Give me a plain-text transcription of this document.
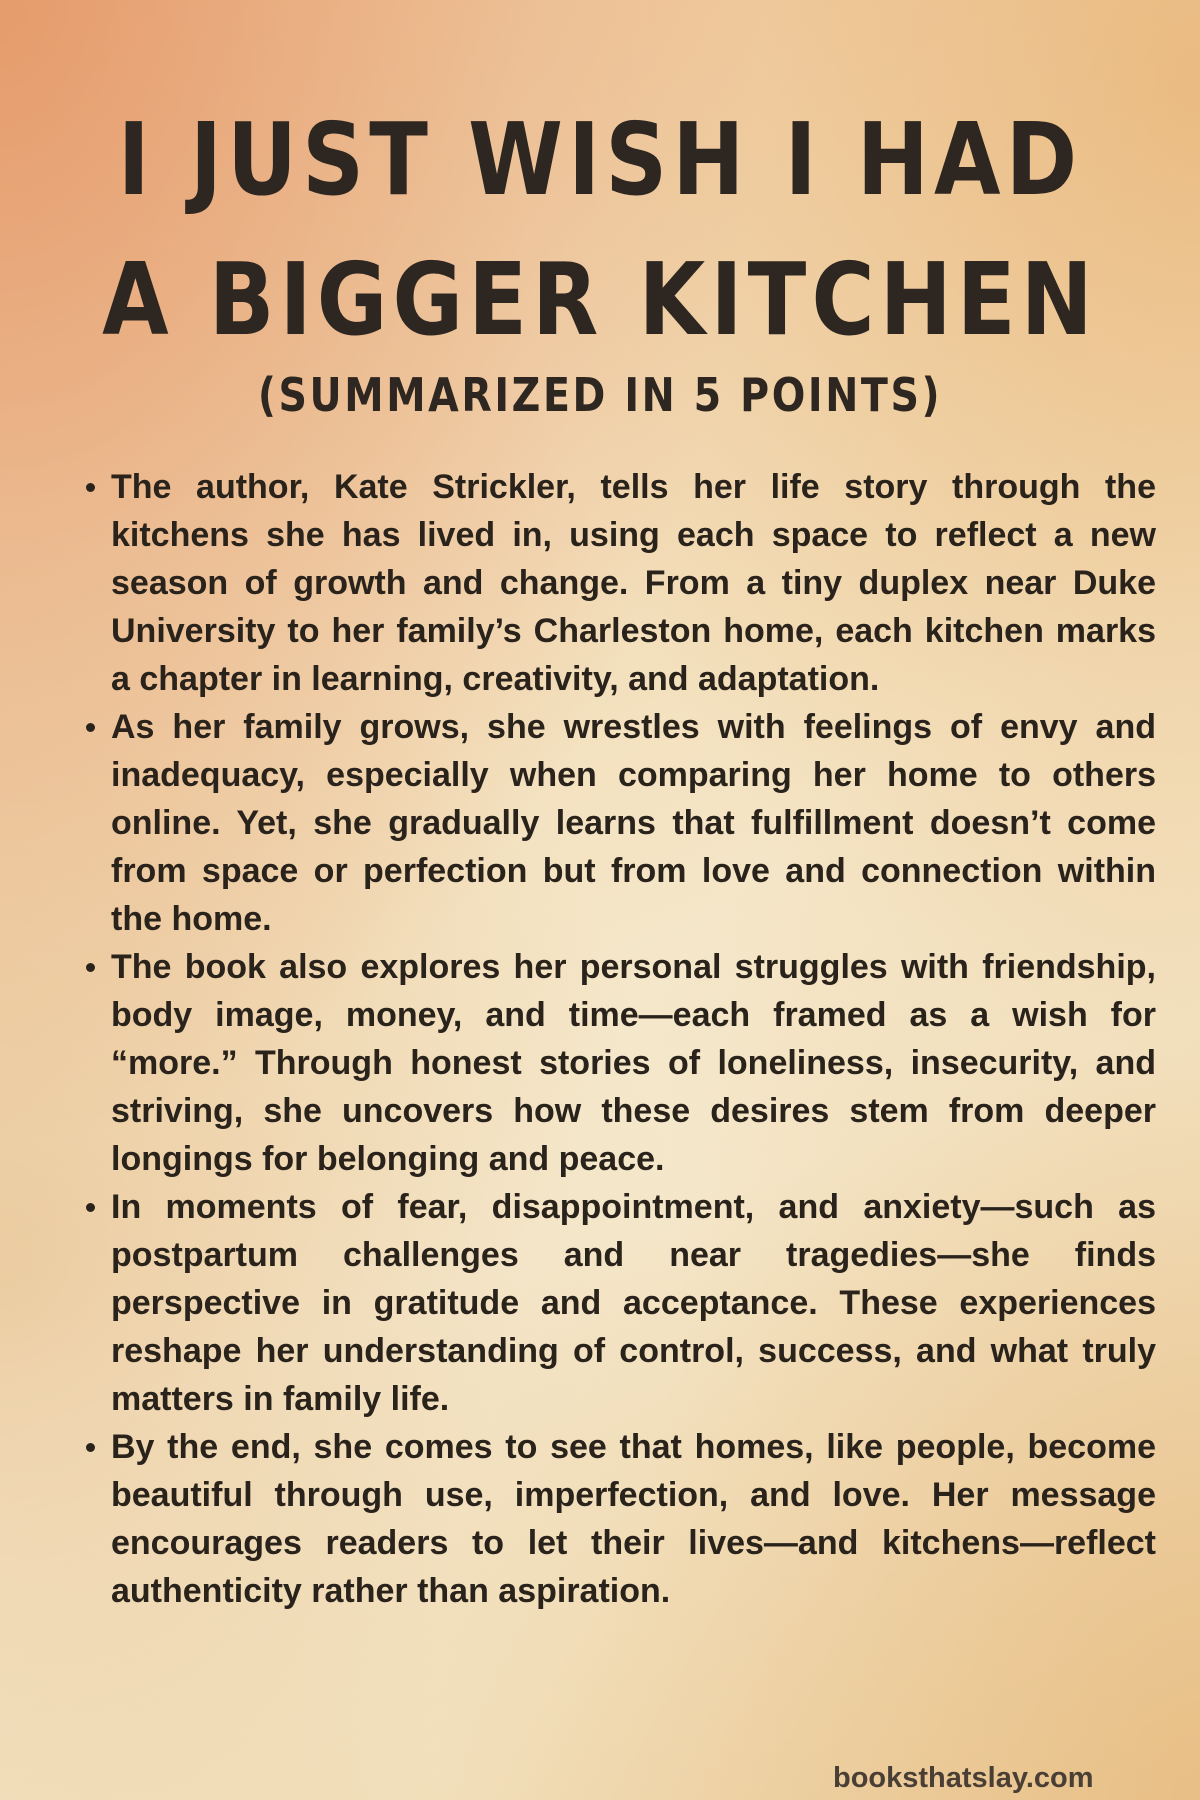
I JUST WISH I HAD
A BIGGER KITCHEN
(SUMMARIZED IN 5 POINTS)
The author, Kate Strickler, tells her life story through the kitchens she has lived in, using each space to reflect a new season of growth and change. From a tiny duplex near Duke University to her family’s Charleston home, each kitchen marks a chapter in learning, creativity, and adaptation.
As her family grows, she wrestles with feelings of envy and inadequacy, especially when comparing her home to others online. Yet, she gradually learns that fulfillment doesn’t come from space or perfection but from love and connection within the home.
The book also explores her personal struggles with friendship, body image, money, and time—each framed as a wish for “more.” Through honest stories of loneliness, insecurity, and striving, she uncovers how these desires stem from deeper longings for belonging and peace.
In moments of fear, disappointment, and anxiety—such as postpartum challenges and near tragedies—she finds perspective in gratitude and acceptance. These experiences reshape her understanding of control, success, and what truly matters in family life.
By the end, she comes to see that homes, like people, become beautiful through use, imperfection, and love. Her message encourages readers to let their lives—and kitchens—reflect authenticity rather than aspiration.
booksthatslay.com
